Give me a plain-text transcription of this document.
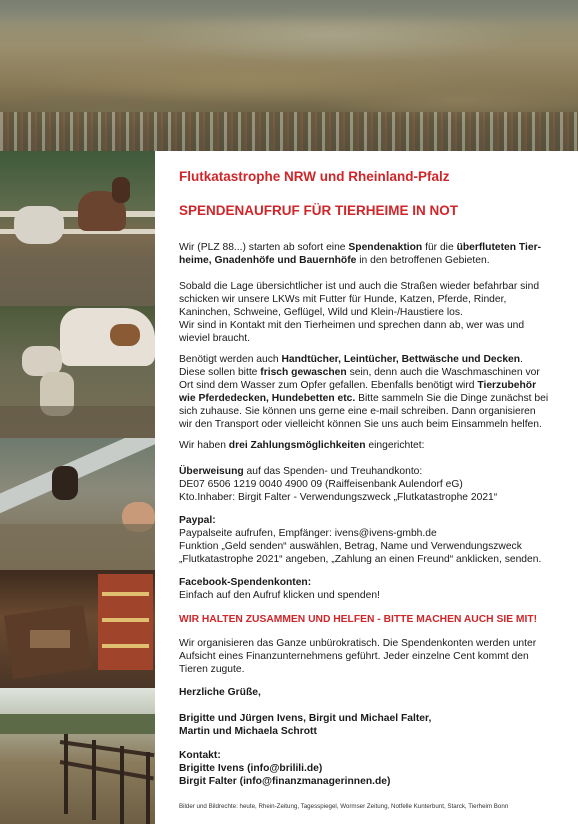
Flutkatastrophe NRW und Rheinland-Pfalz
SPENDENAUFRUF FÜR TIERHEIME IN NOT
Wir (PLZ 88...) starten ab sofort eine Spendenaktion für die überfluteten Tier-heime, Gnadenhöfe und Bauernhöfe in den betroffenen Gebieten.
Sobald die Lage übersichtlicher ist und auch die Straßen wieder befahrbar sind schicken wir unsere LKWs mit Futter für Hunde, Katzen, Pferde, Rinder, Kaninchen, Schweine, Geflügel, Wild und Klein-/Haustiere los.
Wir sind in Kontakt mit den Tierheimen und sprechen dann ab, wer was und wieviel braucht.
Benötigt werden auch Handtücher, Leintücher, Bettwäsche und Decken. Diese sollen bitte frisch gewaschen sein, denn auch die Waschmaschinen vor Ort sind dem Wasser zum Opfer gefallen. Ebenfalls benötigt wird Tierzubehör wie Pferdedecken, Hundebetten etc. Bitte sammeln Sie die Dinge zunächst bei sich zuhause. Sie können uns gerne eine e-mail schreiben. Dann organisieren wir den Transport oder vielleicht können Sie uns auch beim Einsammeln helfen.
Wir haben drei Zahlungsmöglichkeiten eingerichtet:
Überweisung auf das Spenden- und Treuhandkonto:
DE07 6506 1219 0040 4900 09 (Raiffeisenbank Aulendorf eG)
Kto.Inhaber: Birgit Falter - Verwendungszweck „Flutkatastrophe 2021“
Paypal:
Paypalseite aufrufen, Empfänger: ivens@ivens-gmbh.de
Funktion „Geld senden“ auswählen, Betrag, Name und Verwendungszweck „Flutkatastrophe 2021“ angeben, „Zahlung an einen Freund“ anklicken, senden.
Facebook-Spendenkonten:
Einfach auf den Aufruf klicken und spenden!
WIR HALTEN ZUSAMMEN UND HELFEN - BITTE MACHEN AUCH SIE MIT!
Wir organisieren das Ganze unbürokratisch. Die Spendenkonten werden unter Aufsicht eines Finanzunternehmens geführt. Jeder einzelne Cent kommt den Tieren zugute.
Herzliche Grüße,
Brigitte und Jürgen Ivens, Birgit und Michael Falter,
Martin und Michaela Schrott
Kontakt:
Brigitte Ivens (info@brilili.de)
Birgit Falter (info@finanzmanagerinnen.de)
Bilder und Bildrechte: heute, Rhein-Zeitung, Tagesspiegel, Wormser Zeitung, Notfelle Kunterbunt, Starck, Tierheim Bonn
